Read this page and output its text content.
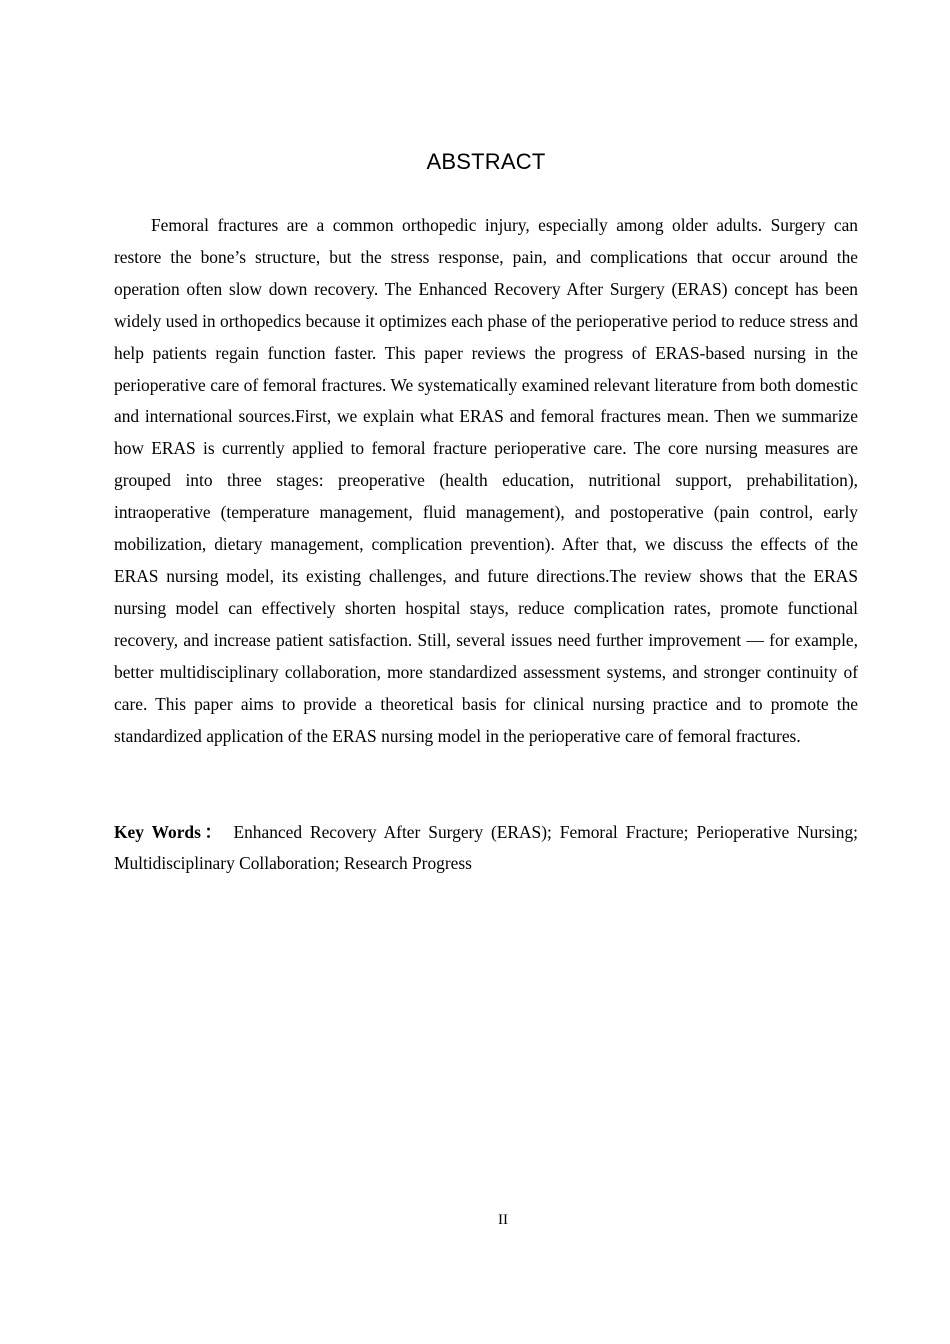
ABSTRACT

Femoral fractures are a common orthopedic injury, especially among older adults. Surgery can restore the bone’s structure, but the stress response, pain, and complications that occur around the operation often slow down recovery. The Enhanced Recovery After Surgery (ERAS) concept has been widely used in orthopedics because it optimizes each phase of the perioperative period to reduce stress and help patients regain function faster. This paper reviews the progress of ERAS-based nursing in the perioperative care of femoral fractures. We systematically examined relevant literature from both domestic and international sources.First, we explain what ERAS and femoral fractures mean. Then we summarize how ERAS is currently applied to femoral fracture perioperative care. The core nursing measures are grouped into three stages: preoperative (health education, nutritional support, prehabilitation), intraoperative (temperature management, fluid management), and postoperative (pain control, early mobilization, dietary management, complication prevention). After that, we discuss the effects of the ERAS nursing model, its existing challenges, and future directions.The review shows that the ERAS nursing model can effectively shorten hospital stays, reduce complication rates, promote functional recovery, and increase patient satisfaction. Still, several issues need further improvement — for example, better multidisciplinary collaboration, more standardized assessment systems, and stronger continuity of care. This paper aims to provide a theoretical basis for clinical nursing practice and to promote the standardized application of the ERAS nursing model in the perioperative care of femoral fractures.

Key Words： Enhanced Recovery After Surgery (ERAS); Femoral Fracture; Perioperative Nursing; Multidisciplinary Collaboration; Research Progress

II
